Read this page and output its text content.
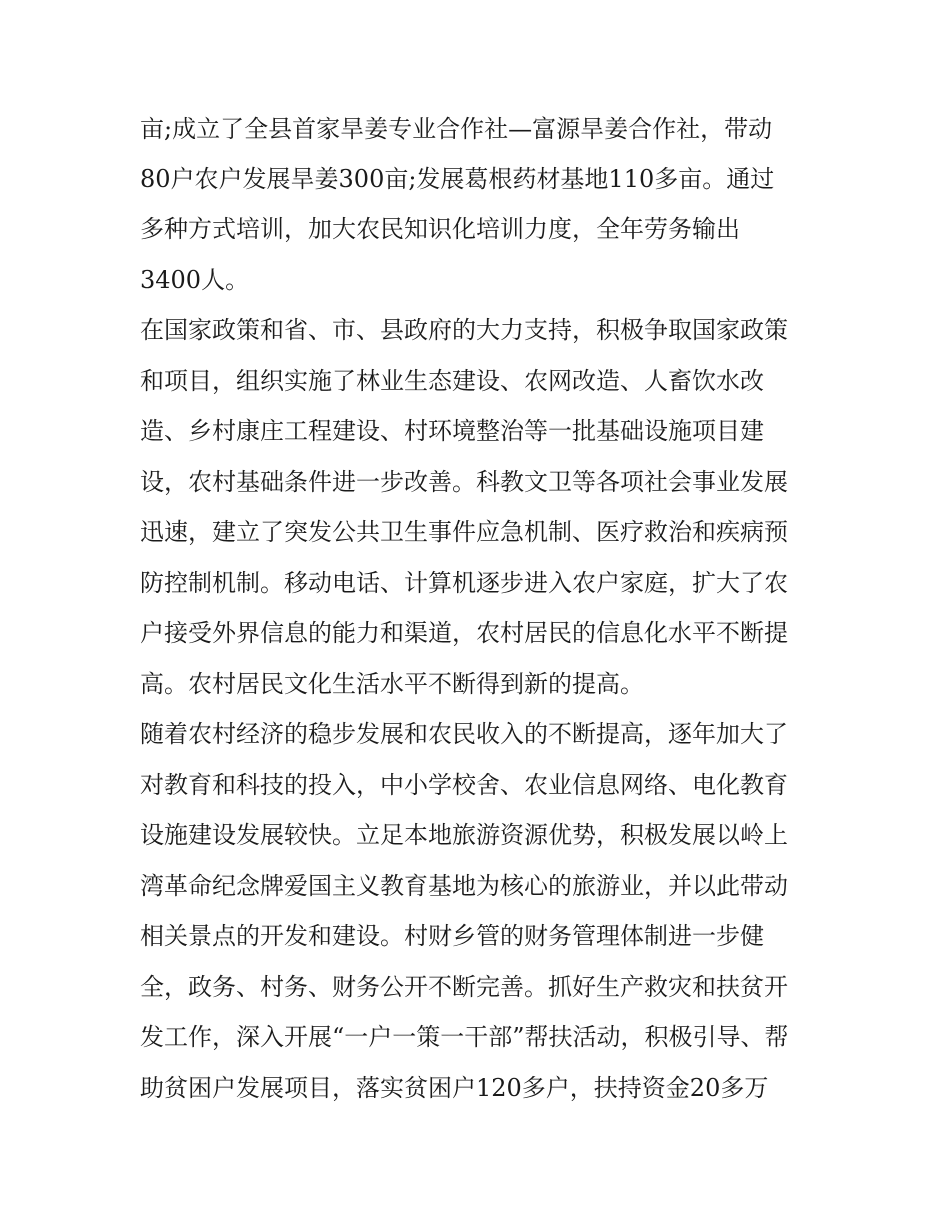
亩;成立了全县首家旱姜专业合作社—富源旱姜合作社，带动
80户农户发展旱姜300亩;发展葛根药材基地110多亩。通过
多种方式培训，加大农民知识化培训力度，全年劳务输出
3400人。
在国家政策和省、市、县政府的大力支持，积极争取国家政策
和项目，组织实施了林业生态建设、农网改造、人畜饮水改
造、乡村康庄工程建设、村环境整治等一批基础设施项目建
设，农村基础条件进一步改善。科教文卫等各项社会事业发展
迅速，建立了突发公共卫生事件应急机制、医疗救治和疾病预
防控制机制。移动电话、计算机逐步进入农户家庭，扩大了农
户接受外界信息的能力和渠道，农村居民的信息化水平不断提
高。农村居民文化生活水平不断得到新的提高。
随着农村经济的稳步发展和农民收入的不断提高，逐年加大了
对教育和科技的投入，中小学校舍、农业信息网络、电化教育
设施建设发展较快。立足本地旅游资源优势，积极发展以岭上
湾革命纪念牌爱国主义教育基地为核心的旅游业，并以此带动
相关景点的开发和建设。村财乡管的财务管理体制进一步健
全，政务、村务、财务公开不断完善。抓好生产救灾和扶贫开
发工作，深入开展“一户一策一干部”帮扶活动，积极引导、帮
助贫困户发展项目，落实贫困户120多户，扶持资金20多万
